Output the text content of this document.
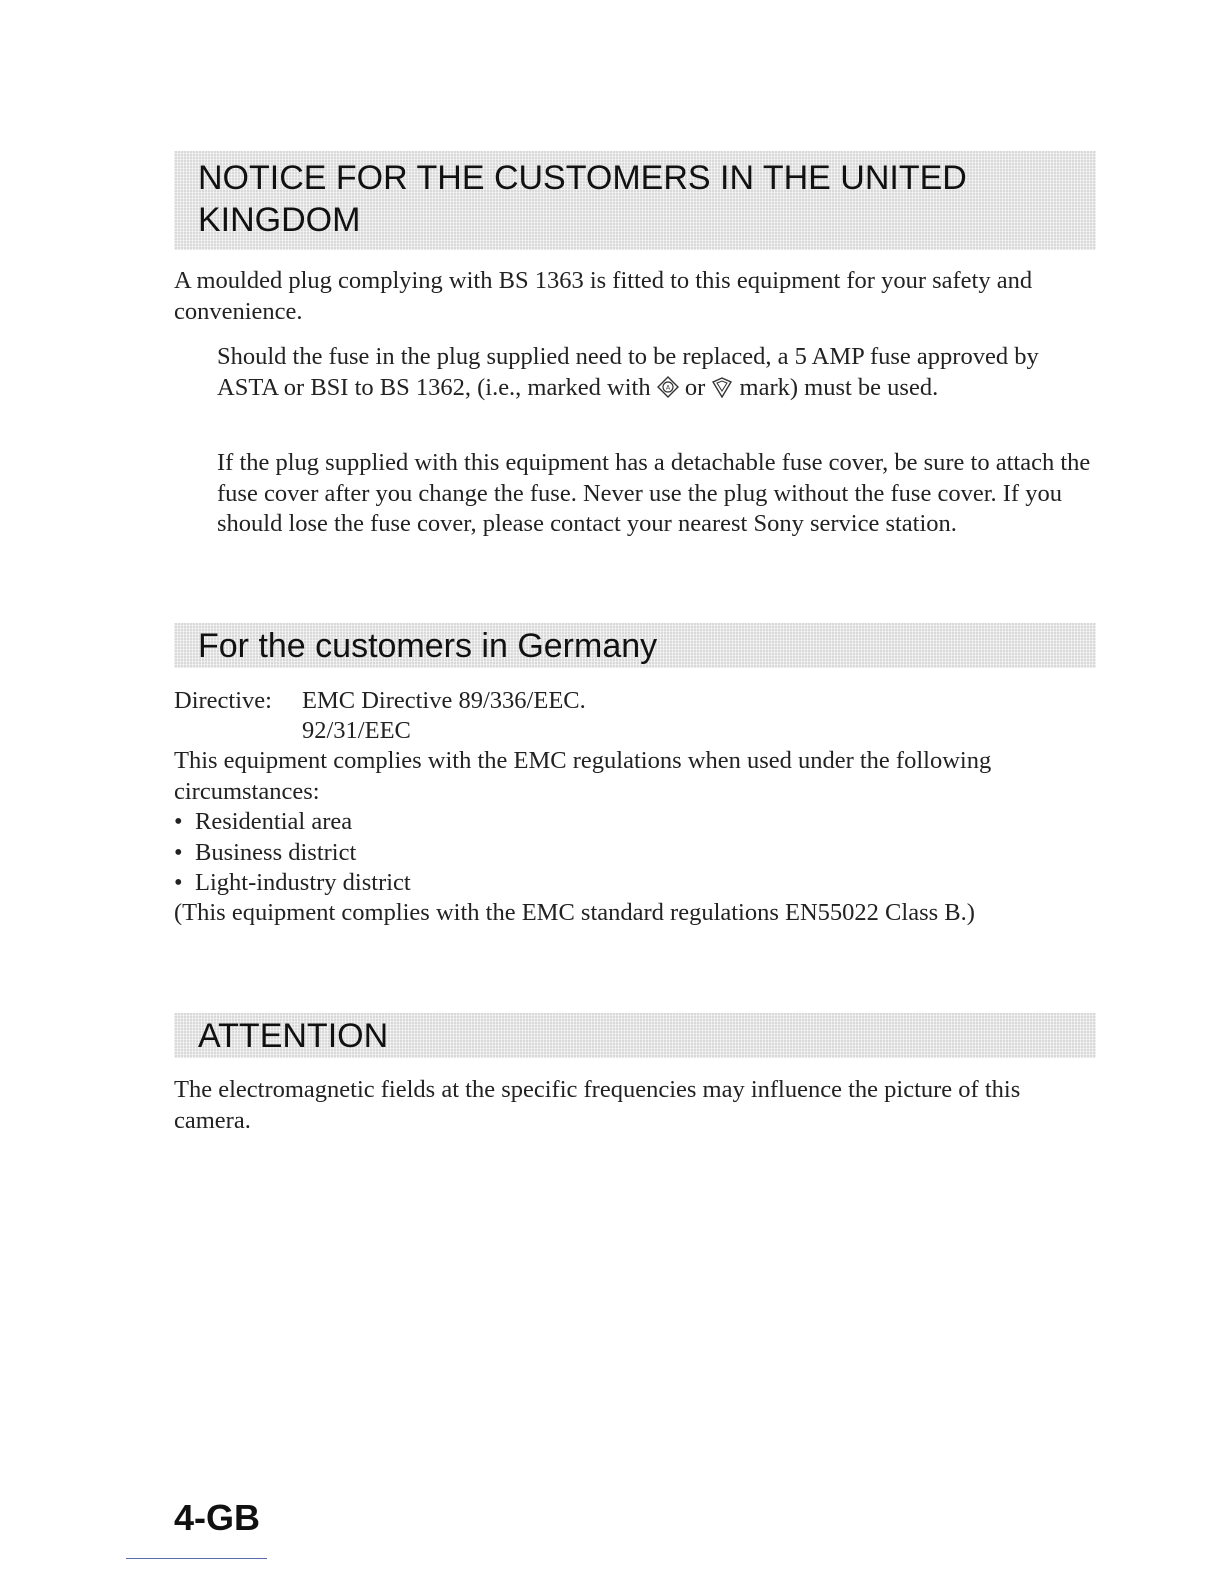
NOTICE FOR THE CUSTOMERS IN THE UNITED KINGDOM

A moulded plug complying with BS 1363 is fitted to this equipment for your safety and convenience.

Should the fuse in the plug supplied need to be replaced, a 5 AMP fuse approved by ASTA or BSI to BS 1362, (i.e., marked with A or  mark) must be used.

If the plug supplied with this equipment has a detachable fuse cover, be sure to attach the fuse cover after you change the fuse. Never use the plug without the fuse cover. If you should lose the fuse cover, please contact your nearest Sony service station.

For the customers in Germany

Directive: EMC Directive 89/336/EEC.

92/31/EEC

This equipment complies with the EMC regulations when used under the following circumstances:

• Residential area
• Business district
• Light-industry district

(This equipment complies with the EMC standard regulations EN55022 Class B.)

ATTENTION

The electromagnetic fields at the specific frequencies may influence the picture of this camera.

4-GB
